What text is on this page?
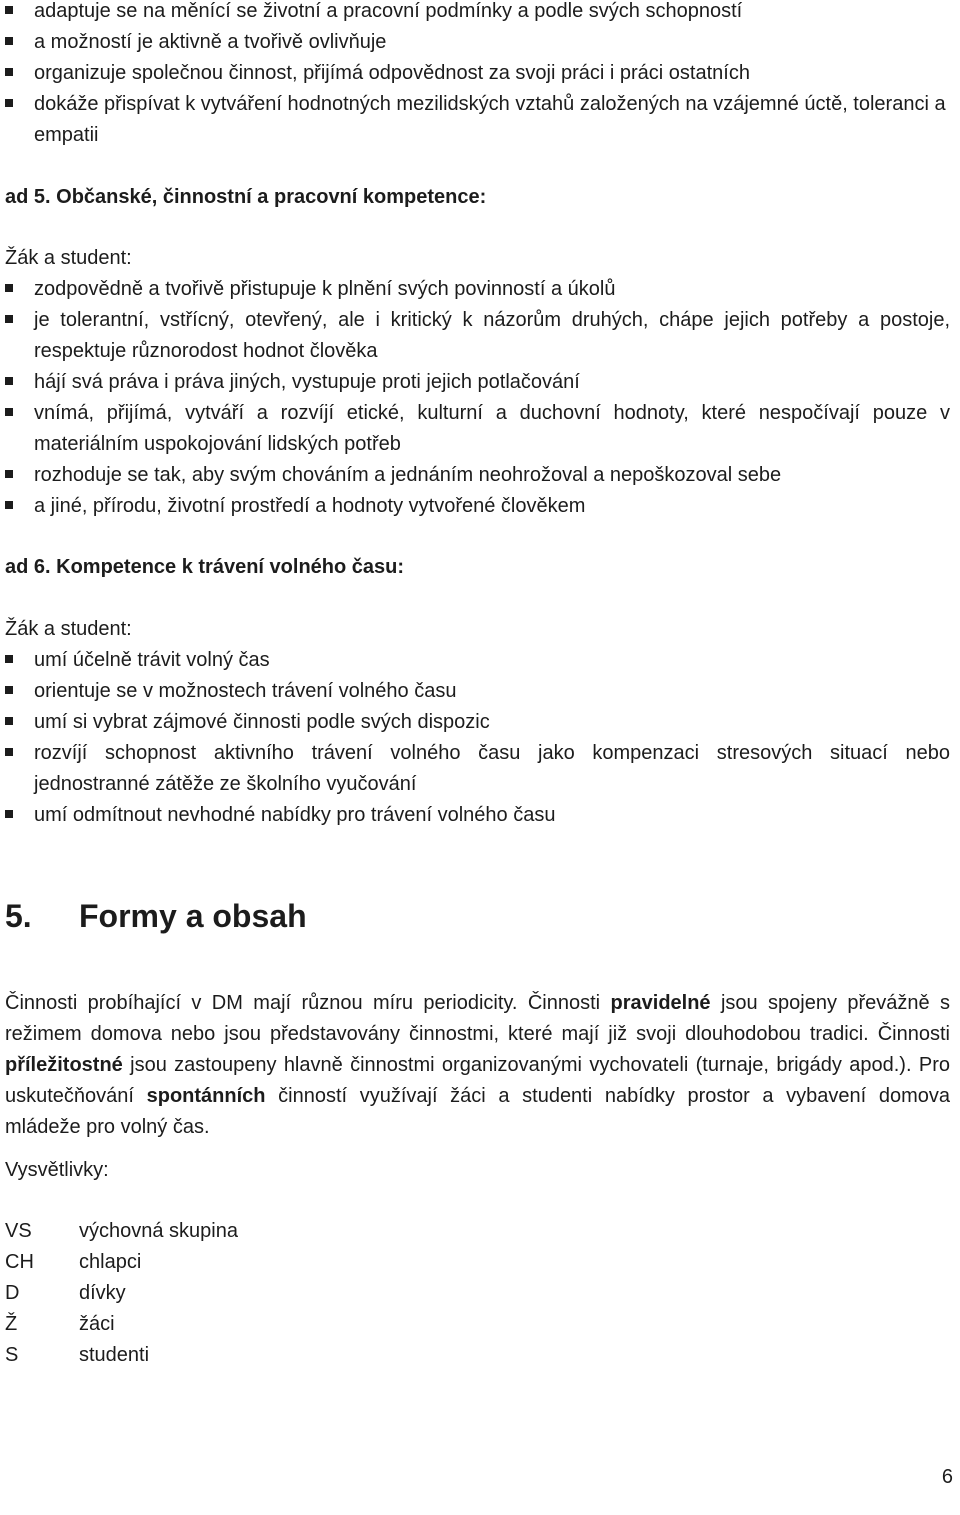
adaptuje se na měnící se životní a pracovní podmínky a podle svých schopností
a možností je aktivně a tvořivě ovlivňuje
organizuje společnou činnost, přijímá odpovědnost za svoji práci i práci ostatních
dokáže přispívat k vytváření hodnotných mezilidských vztahů založených na vzájemné úctě, toleranci a empatii
ad 5. Občanské, činnostní a pracovní kompetence:
Žák a student:
zodpovědně a tvořivě přistupuje k plnění svých povinností a úkolů
je tolerantní, vstřícný, otevřený, ale i kritický k názorům druhých, chápe jejich potřeby a postoje, respektuje různorodost hodnot člověka
hájí svá práva i práva jiných, vystupuje proti jejich potlačování
vnímá, přijímá, vytváří a rozvíjí etické, kulturní a duchovní hodnoty, které nespočívají pouze v materiálním uspokojování lidských potřeb
rozhoduje se tak, aby svým chováním a jednáním neohrožoval a nepoškozoval sebe
a jiné, přírodu, životní prostředí a hodnoty vytvořené člověkem
ad 6. Kompetence k trávení volného času:
Žák a student:
umí účelně trávit volný čas
orientuje se v možnostech trávení volného času
umí si vybrat zájmové činnosti podle svých dispozic
rozvíjí schopnost aktivního trávení volného času jako kompenzaci stresových situací nebo jednostranné zátěže ze školního vyučování
umí odmítnout nevhodné nabídky pro trávení volného času
5. Formy a obsah

Činnosti probíhající v DM mají různou míru periodicity. Činnosti pravidelné jsou spojeny převážně s režimem domova nebo jsou představovány činnostmi, které mají již svoji dlouhodobou tradici. Činnosti příležitostné jsou zastoupeny hlavně činnostmi organizovanými vychovateli (turnaje, brigády apod.). Pro uskutečňování spontánních činností využívají žáci a studenti nabídky prostor a vybavení domova mládeže pro volný čas.

Vysvětlivky:
VS výchovná skupina
CH chlapci
D	dívky
Ž	žáci
S	studenti
6
